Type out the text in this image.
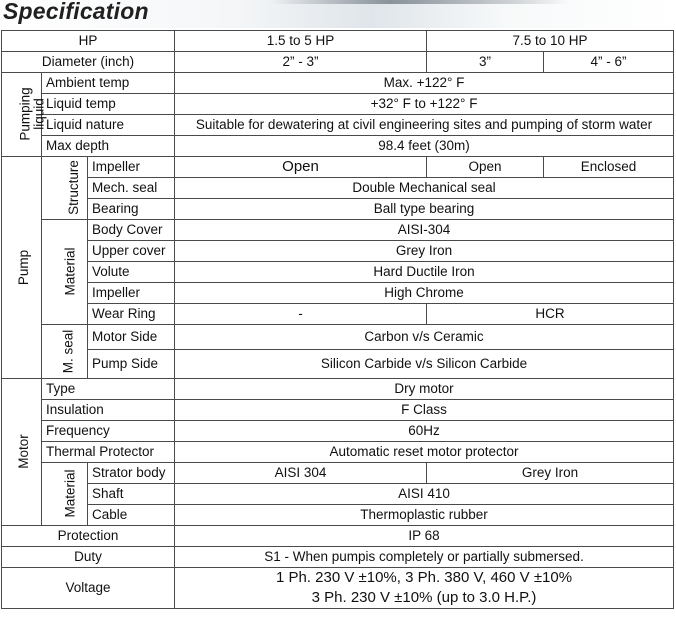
Specification
HP			1.5 to 5 HP	7.5 to 10 HP	
Diameter (inch)			2” - 3”	3”	4” - 6”
Pumping
liquid	Ambient temp		Max. +122° F		
	Liquid temp		+32° F to +122° F		
	Liquid nature		Suitable for dewatering at civil engineering sites and pumping of storm water		
	Max depth		98.4 feet (30m)		
Pump	Structure	Impeller	Open	Open	Enclosed
		Mech. seal	Double Mechanical seal		
		Bearing	Ball type bearing		
	Material	Body Cover	AISI-304		
		Upper cover	Grey Iron		
		Volute	Hard Ductile Iron		
		Impeller	High Chrome		
		Wear Ring	-	HCR	
	M. seal	Motor Side	Carbon v/s Ceramic		
		Pump Side	Silicon Carbide v/s Silicon Carbide		
Motor	Type		Dry motor		
	Insulation		F Class		
	Frequency		60Hz		
	Thermal Protector		Automatic reset motor protector		
	Material	Strator body	AISI 304	Grey Iron	
		Shaft	AISI 410		
		Cable	Thermoplastic rubber		
Protection			IP 68		
Duty			S1 - When pumpis completely or partially submersed.		
Voltage			1 Ph. 230 V ±10%, 3 Ph. 380 V, 460 V ±10%
3 Ph. 230 V ±10% (up to 3.0 H.P.)		
